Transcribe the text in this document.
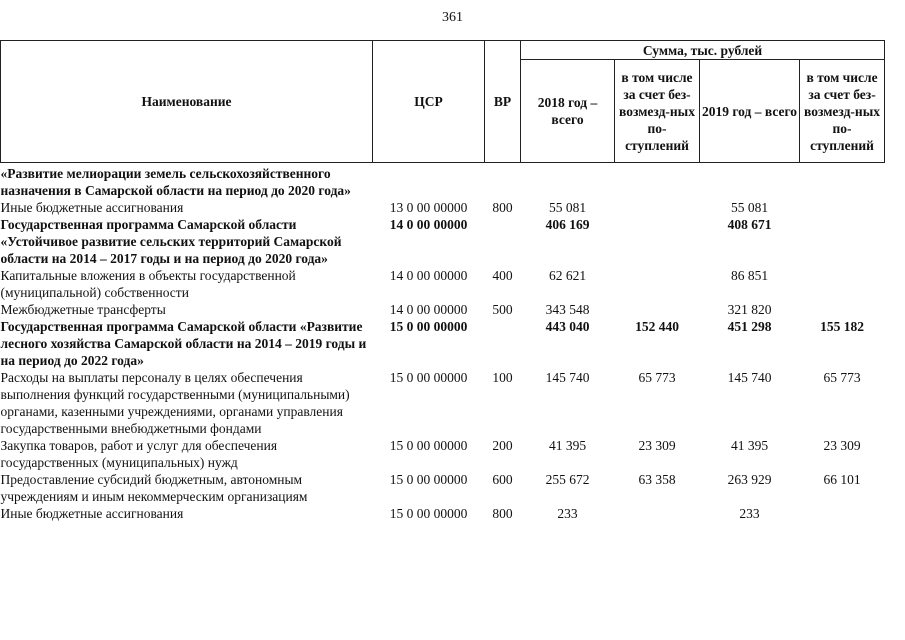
361
Наименование	ЦСР	ВР	Сумма, тыс. рублей			
			2018 год – всего	в том числе за счет без-возмезд-ных по-ступлений	2019 год – всего	в том числе за счет без-возмезд-ных по-ступлений
«Развитие мелиорации земель сельскохозяйственного назначения в Самарской области на период до 2020 года»						
Иные бюджетные ассигнования	13 0 00 00000	800	55 081		55 081	
Государственная программа Самарской области «Устойчивое развитие сельских территорий Самарской области на 2014 – 2017 годы и на период до 2020 года»	14 0 00 00000		406 169		408 671	
Капитальные вложения в объекты государственной (муниципальной) собственности	14 0 00 00000	400	62 621		86 851	
Межбюджетные трансферты	14 0 00 00000	500	343 548		321 820	
Государственная программа Самарской области «Развитие лесного хозяйства Самарской области на 2014 – 2019 годы и на период до 2022 года»	15 0 00 00000		443 040	152 440	451 298	155 182
Расходы на выплаты персоналу в целях обеспечения выполнения функций государственными (муниципальными) органами, казенными учреждениями, органами управления государственными внебюджетными фондами	15 0 00 00000	100	145 740	65 773	145 740	65 773
Закупка товаров, работ и услуг для обеспечения государственных (муниципальных) нужд	15 0 00 00000	200	41 395	23 309	41 395	23 309
Предоставление субсидий бюджетным, автономным учреждениям и иным некоммерческим организациям	15 0 00 00000	600	255 672	63 358	263 929	66 101
Иные бюджетные ассигнования	15 0 00 00000	800	233		233	
